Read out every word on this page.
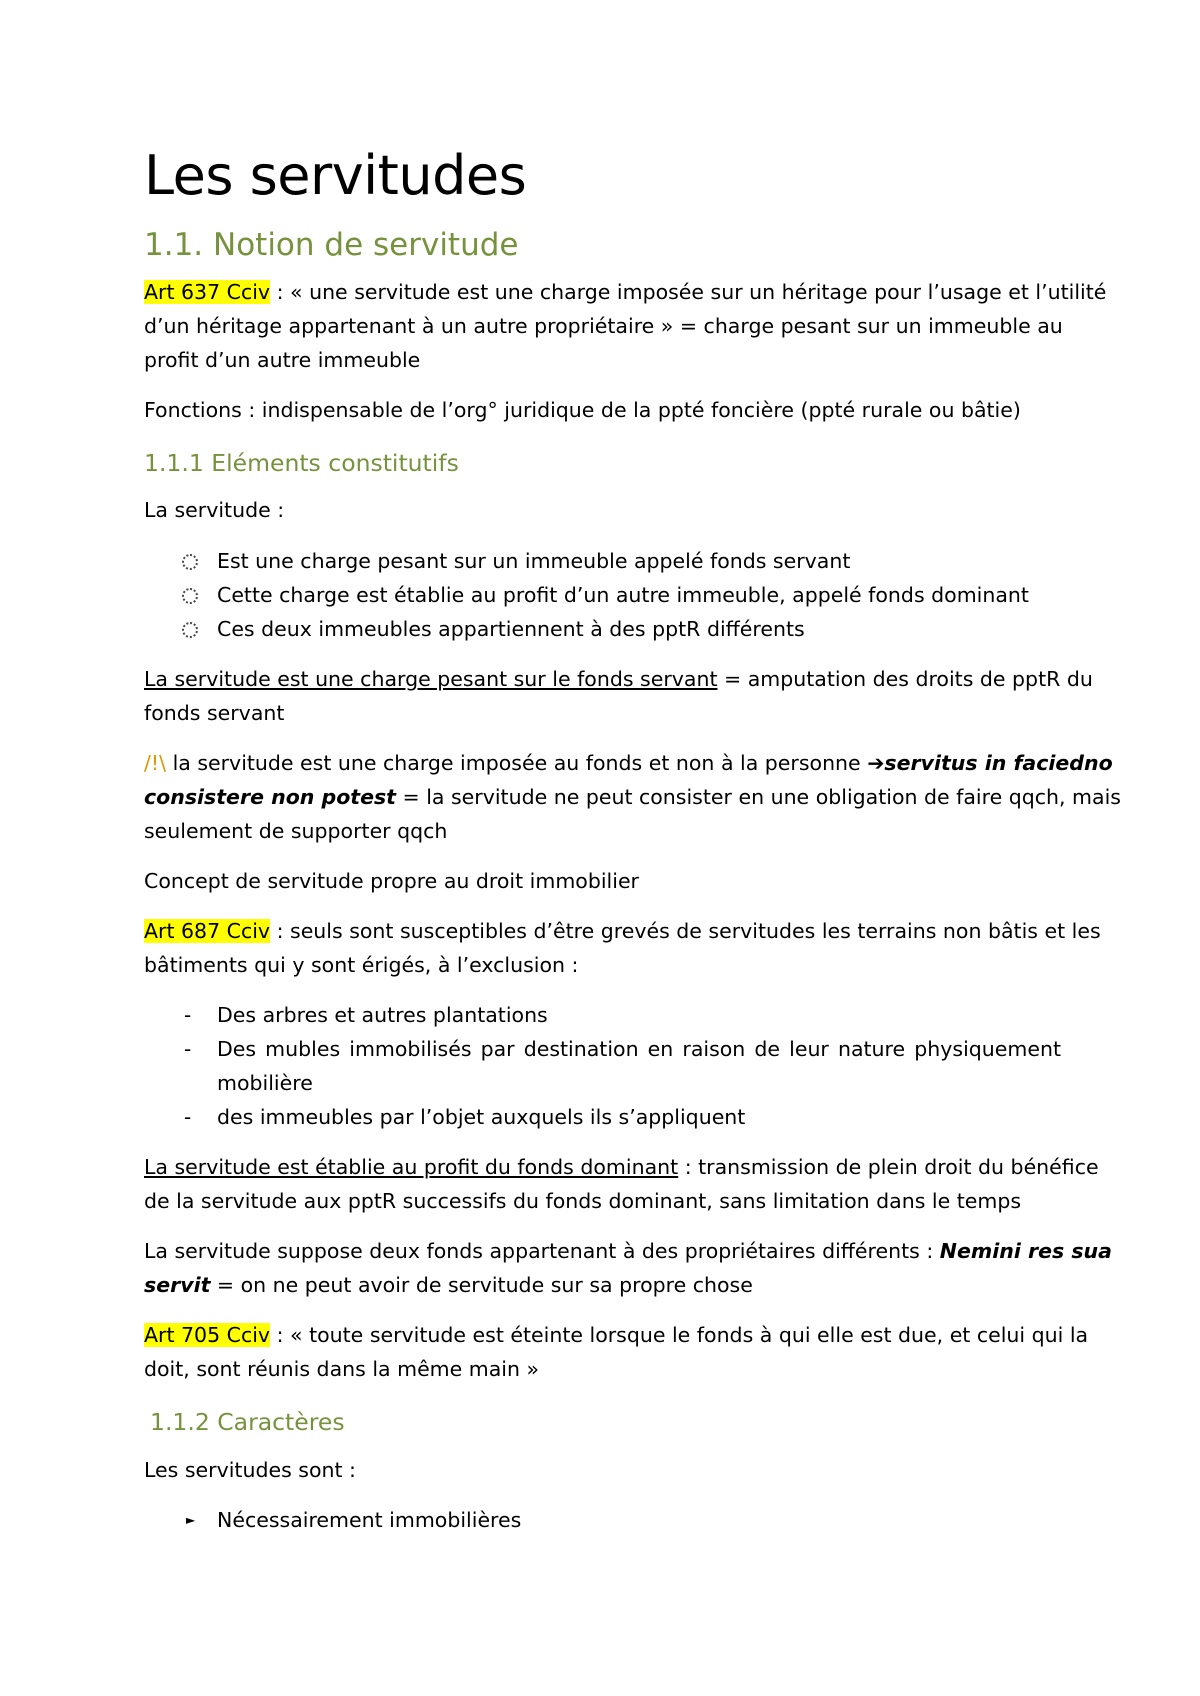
Les servitudes
1.1. Notion de servitude
Art 637 Cciv : « une servitude est une charge imposée sur un héritage pour l’usage et l’utilité
d’un héritage appartenant à un autre propriétaire » = charge pesant sur un immeuble au
profit d’un autre immeuble
Fonctions : indispensable de l’org° juridique de la ppté foncière (ppté rurale ou bâtie)
1.1.1 Eléments constitutifs
La servitude :
Est une charge pesant sur un immeuble appelé fonds servant
Cette charge est établie au profit d’un autre immeuble, appelé fonds dominant
Ces deux immeubles appartiennent à des pptR différents
La servitude est une charge pesant sur le fonds servant = amputation des droits de pptR du
fonds servant
/!\ la servitude est une charge imposée au fonds et non à la personne ➔servitus in faciedno
consistere non potest = la servitude ne peut consister en une obligation de faire qqch, mais
seulement de supporter qqch
Concept de servitude propre au droit immobilier
Art 687 Cciv : seuls sont susceptibles d’être grevés de servitudes les terrains non bâtis et les
bâtiments qui y sont érigés, à l’exclusion :
- Des arbres et autres plantations
- Des mubles immobilisés par destination en raison de leur nature physiquement
mobilière
- des immeubles par l’objet auxquels ils s’appliquent
La servitude est établie au profit du fonds dominant : transmission de plein droit du bénéfice
de la servitude aux pptR successifs du fonds dominant, sans limitation dans le temps
La servitude suppose deux fonds appartenant à des propriétaires différents : Nemini res sua
servit = on ne peut avoir de servitude sur sa propre chose
Art 705 Cciv : « toute servitude est éteinte lorsque le fonds à qui elle est due, et celui qui la
doit, sont réunis dans la même main »
1.1.2 Caractères
Les servitudes sont :
► Nécessairement immobilières
